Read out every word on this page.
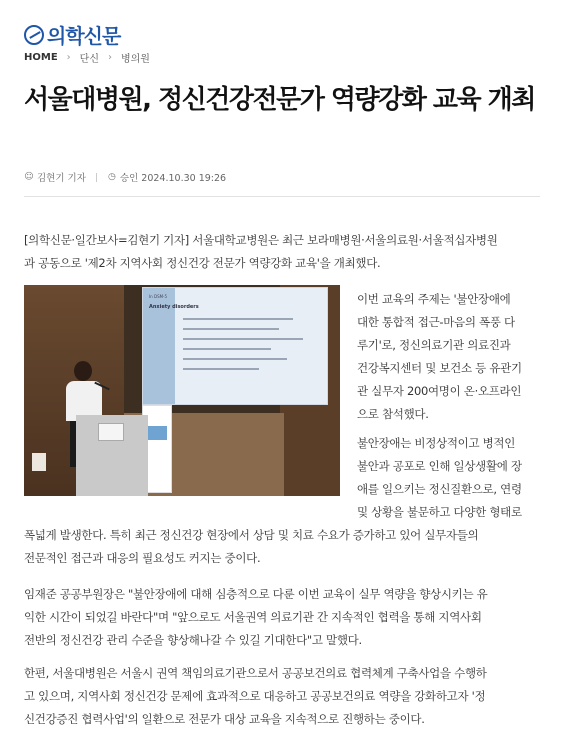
의학신문
HOME › 단신 › 병의원
서울대병원, 정신건강전문가 역량강화 교육 개최
☺ 김현기 기자 ◷ 승인 2024.10.30 19:26

[의학신문·일간보사=김현기 기자] 서울대학교병원은 최근 보라매병원·서울의료원·서울적십자병원

과 공동으로 '제2차 지역사회 정신건강 전문가 역량강화 교육'을 개최했다.

In DSM-5
Anxiety disorders

이번 교육의 주제는 '불안장애에

대한 통합적 접근-마음의 폭풍 다

루기'로, 정신의료기관 의료진과

건강복지센터 및 보건소 등 유관기

관 실무자 200여명이 온·오프라인

으로 참석했다.

불안장애는 비정상적이고 병적인

불안과 공포로 인해 일상생활에 장

애를 일으키는 정신질환으로, 연령

및 상황을 불문하고 다양한 형태로

폭넓게 발생한다. 특히 최근 정신건강 현장에서 상담 및 치료 수요가 증가하고 있어 실무자들의

전문적인 접근과 대응의 필요성도 커지는 중이다.

임재준 공공부원장은 "불안장애에 대해 심층적으로 다룬 이번 교육이 실무 역량을 향상시키는 유

익한 시간이 되었길 바란다"며 "앞으로도 서울권역 의료기관 간 지속적인 협력을 통해 지역사회

전반의 정신건강 관리 수준을 향상해나갈 수 있길 기대한다"고 말했다.

한편, 서울대병원은 서울시 권역 책임의료기관으로서 공공보건의료 협력체계 구축사업을 수행하

고 있으며, 지역사회 정신건강 문제에 효과적으로 대응하고 공공보건의료 역량을 강화하고자 '정

신건강증진 협력사업'의 일환으로 전문가 대상 교육을 지속적으로 진행하는 중이다.
